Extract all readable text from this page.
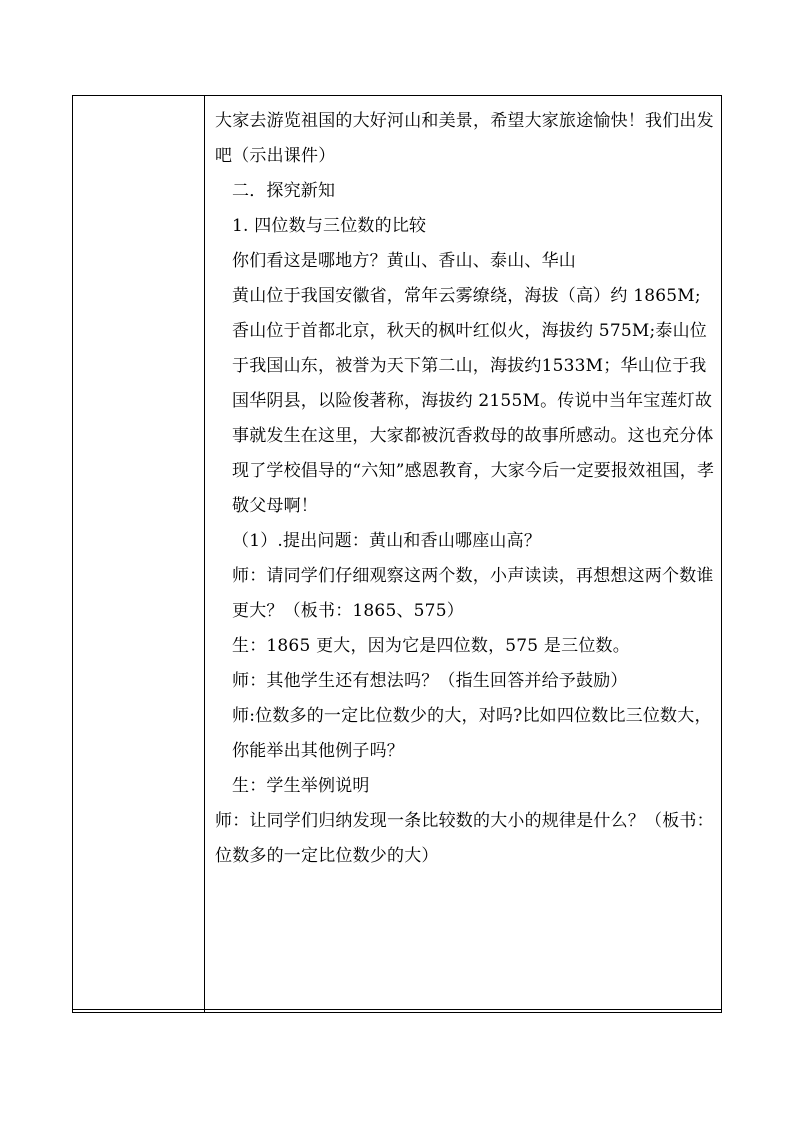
大家去游览祖国的大好河山和美景，希望大家旅途愉快！我们出发吧（示出课件）

二．探究新知

1. 四位数与三位数的比较

你们看这是哪地方？黄山、香山、泰山、华山

黄山位于我国安徽省，常年云雾缭绕，海拔（高）约 1865M;香山位于首都北京，秋天的枫叶红似火，海拔约 575M;泰山位于我国山东，被誉为天下第二山，海拔约1533M；华山位于我国华阴县，以险俊著称，海拔约 2155M。传说中当年宝莲灯故事就发生在这里，大家都被沉香救母的故事所感动。这也充分体现了学校倡导的“六知”感恩教育，大家今后一定要报效祖国，孝敬父母啊！

（1）.提出问题：黄山和香山哪座山高？

师：请同学们仔细观察这两个数，小声读读，再想想这两个数谁更大？（板书：1865、575）

生：1865 更大，因为它是四位数，575 是三位数。

师：其他学生还有想法吗？（指生回答并给予鼓励）

师:位数多的一定比位数少的大，对吗?比如四位数比三位数大，你能举出其他例子吗？

生：学生举例说明

师：让同学们归纳发现一条比较数的大小的规律是什么？（板书：位数多的一定比位数少的大）
